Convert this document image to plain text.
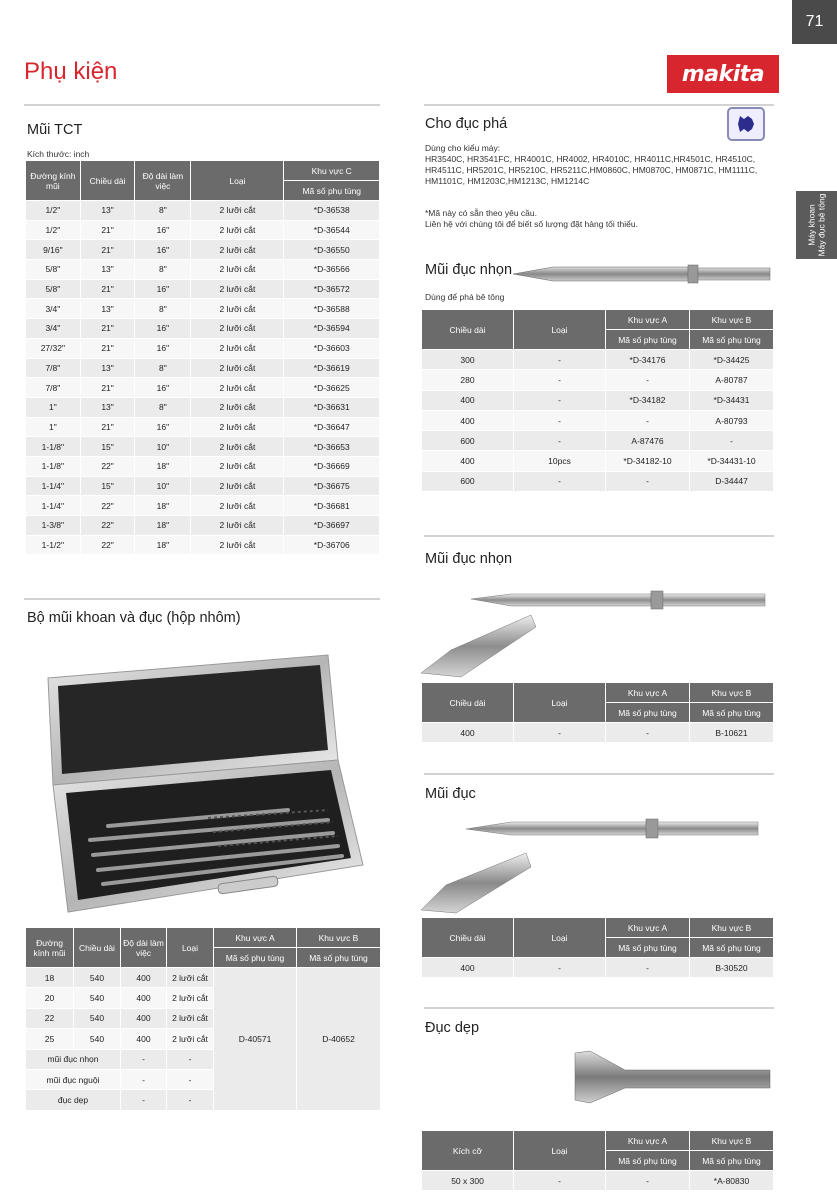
71
Phụ kiện	makita
Máy khoan Máy đục bê tông
Mũi TCT
Kích thước: inch
Đường kính mũi	Chiều dài	Độ dài làm việc	Loại	Khu vực C
				Mã số phụ tùng
1/2"	13"	8"	2 lưỡi cắt	*D-36538
1/2"	21"	16"	2 lưỡi cắt	*D-36544
9/16"	21"	16"	2 lưỡi cắt	*D-36550
5/8"	13"	8"	2 lưỡi cắt	*D-36566
5/8"	21"	16"	2 lưỡi cắt	*D-36572
3/4"	13"	8"	2 lưỡi cắt	*D-36588
3/4"	21"	16"	2 lưỡi cắt	*D-36594
27/32"	21"	16"	2 lưỡi cắt	*D-36603
7/8"	13"	8"	2 lưỡi cắt	*D-36619
7/8"	21"	16"	2 lưỡi cắt	*D-36625
1"	13"	8"	2 lưỡi cắt	*D-36631
1"	21"	16"	2 lưỡi cắt	*D-36647
1-1/8"	15"	10"	2 lưỡi cắt	*D-36653
1-1/8"	22"	18"	2 lưỡi cắt	*D-36669
1-1/4"	15"	10"	2 lưỡi cắt	*D-36675
1-1/4"	22"	18"	2 lưỡi cắt	*D-36681
1-3/8"	22"	18"	2 lưỡi cắt	*D-36697
1-1/2"	22"	18"	2 lưỡi cắt	*D-36706
Bộ mũi khoan và đục (hộp nhôm)
Đường kính mũi	Chiều dài	Độ dài làm việc	Loại	Khu vực A	Khu vực B
				Mã số phụ tùng	Mã số phụ tùng
18	540	400	2 lưỡi cắt	D-40571	D-40652
20	540	400	2 lưỡi cắt		
22	540	400	2 lưỡi cắt		
25	540	400	2 lưỡi cắt		
mũi đục nhọn		-	-		
mũi đục nguội		-	-		
đục dẹp		-	-		
Cho đục phá
Dùng cho kiểu máy:
HR3540C, HR3541FC, HR4001C, HR4002, HR4010C, HR4011C,HR4501C, HR4510C,
HR4511C, HR5201C, HR5210C, HR5211C,HM0860C, HM0870C, HM0871C, HM1111C,
HM1101C, HM1203C,HM1213C, HM1214C
*Mã này có sẵn theo yêu cầu.
Liên hệ với chúng tôi để biết số lượng đặt hàng tối thiểu.
Mũi đục nhọn
Dùng để phá bê tông
Chiều dài	Loại	Khu vực A	Khu vực B
		Mã số phụ tùng	Mã số phụ tùng
300	-	*D-34176	*D-34425
280	-	-	A-80787
400	-	*D-34182	*D-34431
400	-	-	A-80793
600	-	A-87476	-
400	10pcs	*D-34182-10	*D-34431-10
600	-	-	D-34447
Mũi đục nhọn
Chiều dài	Loại	Khu vực A	Khu vực B
		Mã số phụ tùng	Mã số phụ tùng
400	-	-	B-10621
Mũi đục
Chiều dài	Loại	Khu vực A	Khu vực B
		Mã số phụ tùng	Mã số phụ tùng
400	-	-	B-30520
Đục dẹp
Kích cỡ	Loại	Khu vực A	Khu vực B
		Mã số phụ tùng	Mã số phụ tùng
50 x 300	-	-	*A-80830
